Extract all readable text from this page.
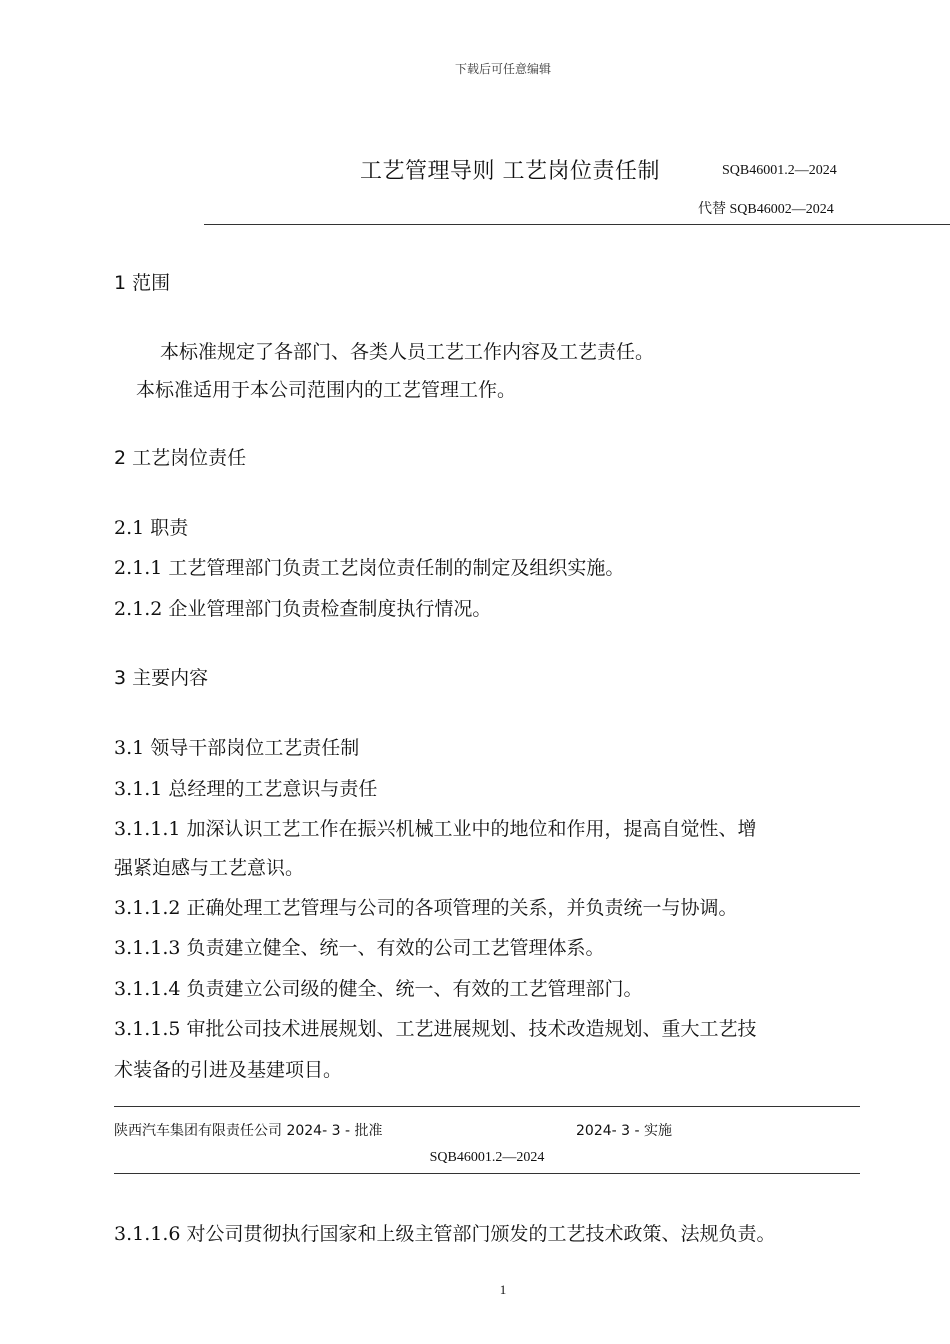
下载后可任意编辑
工艺管理导则 工艺岗位责任制	SQB46001.2—2024
代替 SQB46002—2024
1 范围
本标准规定了各部门、各类人员工艺工作内容及工艺责任。
本标准适用于本公司范围内的工艺管理工作。
2 工艺岗位责任
2.1 职责
2.1.1 工艺管理部门负责工艺岗位责任制的制定及组织实施。
2.1.2 企业管理部门负责检查制度执行情况。
3 主要内容
3.1 领导干部岗位工艺责任制
3.1.1 总经理的工艺意识与责任
3.1.1.1 加深认识工艺工作在振兴机械工业中的地位和作用，提高自觉性、增
强紧迫感与工艺意识。
3.1.1.2 正确处理工艺管理与公司的各项管理的关系，并负责统一与协调。
3.1.1.3 负责建立健全、统一、有效的公司工艺管理体系。
3.1.1.4 负责建立公司级的健全、统一、有效的工艺管理部门。
3.1.1.5 审批公司技术进展规划、工艺进展规划、技术改造规划、重大工艺技
术装备的引进及基建项目。
陕西汽车集团有限责任公司 2024- 3 - 批准	2024- 3 - 实施
SQB46001.2—2024
3.1.1.6 对公司贯彻执行国家和上级主管部门颁发的工艺技术政策、法规负责。
1
